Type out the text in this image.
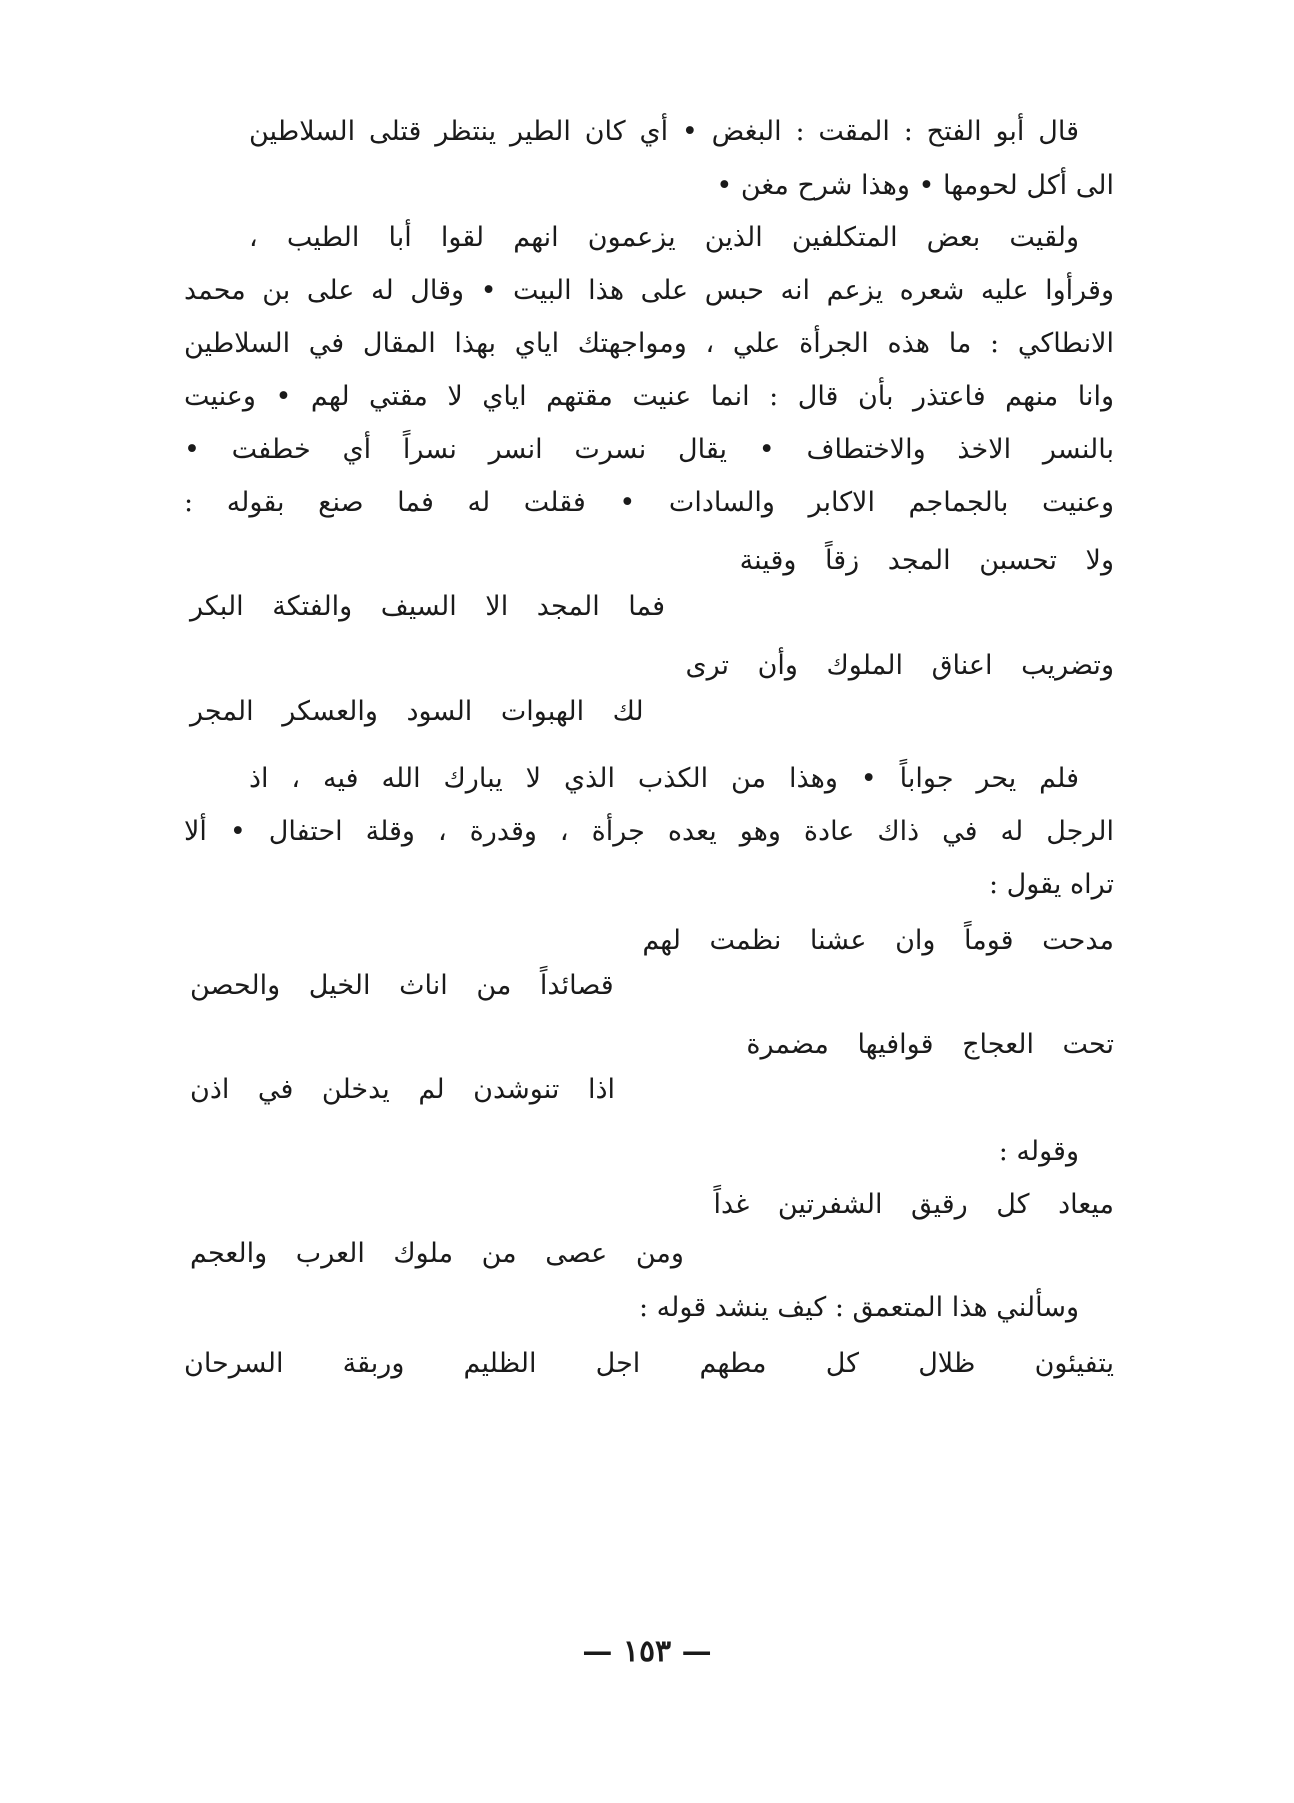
قال أبو الفتح : المقت : البغض • أي كان الطير ينتظر قتلى السلاطين
الى أكل لحومها • وهذا شرح مغن •
ولقيت بعض المتكلفين الذين يزعمون انهم لقوا أبا الطيب ،
وقرأوا عليه شعره يزعم انه حبس على هذا البيت • وقال له على بن محمد
الانطاكي : ما هذه الجرأة علي ، ومواجهتك اياي بهذا المقال في السلاطين
وانا منهم فاعتذر بأن قال : انما عنيت مقتهم اياي لا مقتي لهم • وعنيت
بالنسر الاخذ والاختطاف • يقال نسرت انسر نسراً أي خطفت •
وعنيت بالجماجم الاكابر والسادات • فقلت له فما صنع بقوله :
ولا تحسبن المجد زقاً وقينة
فما المجد الا السيف والفتكة البكر
وتضريب اعناق الملوك وأن ترى
لك الهبوات السود والعسكر المجر
فلم يحر جواباً • وهذا من الكذب الذي لا يبارك الله فيه ، اذ
الرجل له في ذاك عادة وهو يعده جرأة ، وقدرة ، وقلة احتفال • ألا
تراه يقول :
مدحت قوماً وان عشنا نظمت لهم
قصائداً من اناث الخيل والحصن
تحت العجاج قوافيها مضمرة
اذا تنوشدن لم يدخلن في اذن
وقوله :
ميعاد كل رقيق الشفرتين غداً
ومن عصى من ملوك العرب والعجم
وسألني هذا المتعمق : كيف ينشد قوله :
يتفيئون ظلال كل مطهم اجل الظليم وربقة السرحان
— ١٥٣ —
